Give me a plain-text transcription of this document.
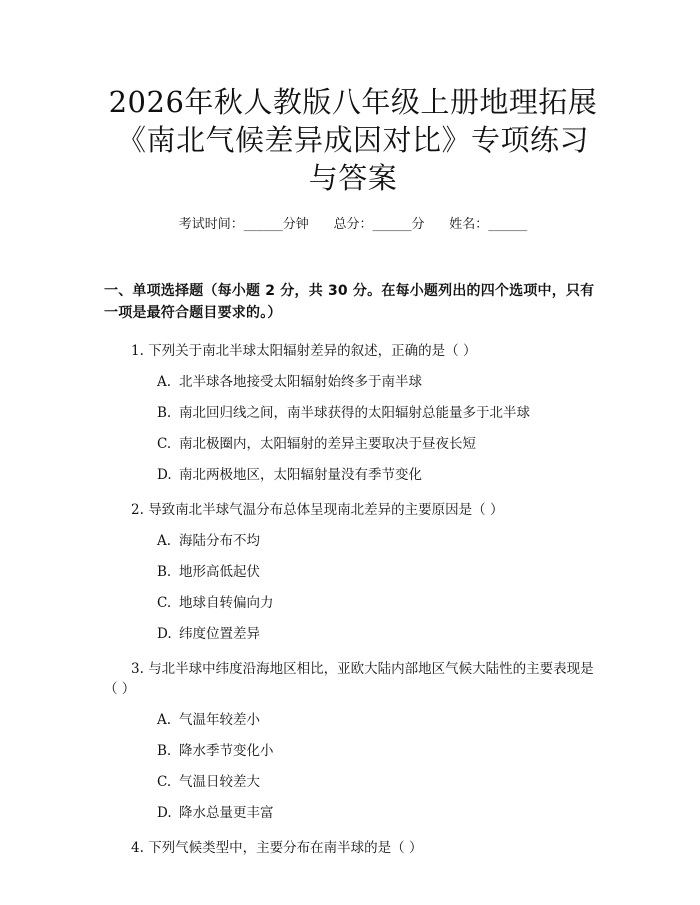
2026年秋人教版八年级上册地理拓展《南北气候差异成因对比》专项练习与答案
考试时间：______分钟      总分：______分      姓名：______
一、单项选择题（每小题 2 分，共 30 分。在每小题列出的四个选项中，只有一项是最符合题目要求的。）
1. 下列关于南北半球太阳辐射差异的叙述，正确的是（ ）
A. 北半球各地接受太阳辐射始终多于南半球
B. 南北回归线之间，南半球获得的太阳辐射总能量多于北半球
C. 南北极圈内，太阳辐射的差异主要取决于昼夜长短
D. 南北两极地区，太阳辐射量没有季节变化
2. 导致南北半球气温分布总体呈现南北差异的主要原因是（ ）
A. 海陆分布不均
B. 地形高低起伏
C. 地球自转偏向力
D. 纬度位置差异
3. 与北半球中纬度沿海地区相比，亚欧大陆内部地区气候大陆性的主要表现是（ ）
A. 气温年较差小
B. 降水季节变化小
C. 气温日较差大
D. 降水总量更丰富
4. 下列气候类型中，主要分布在南半球的是（ ）
